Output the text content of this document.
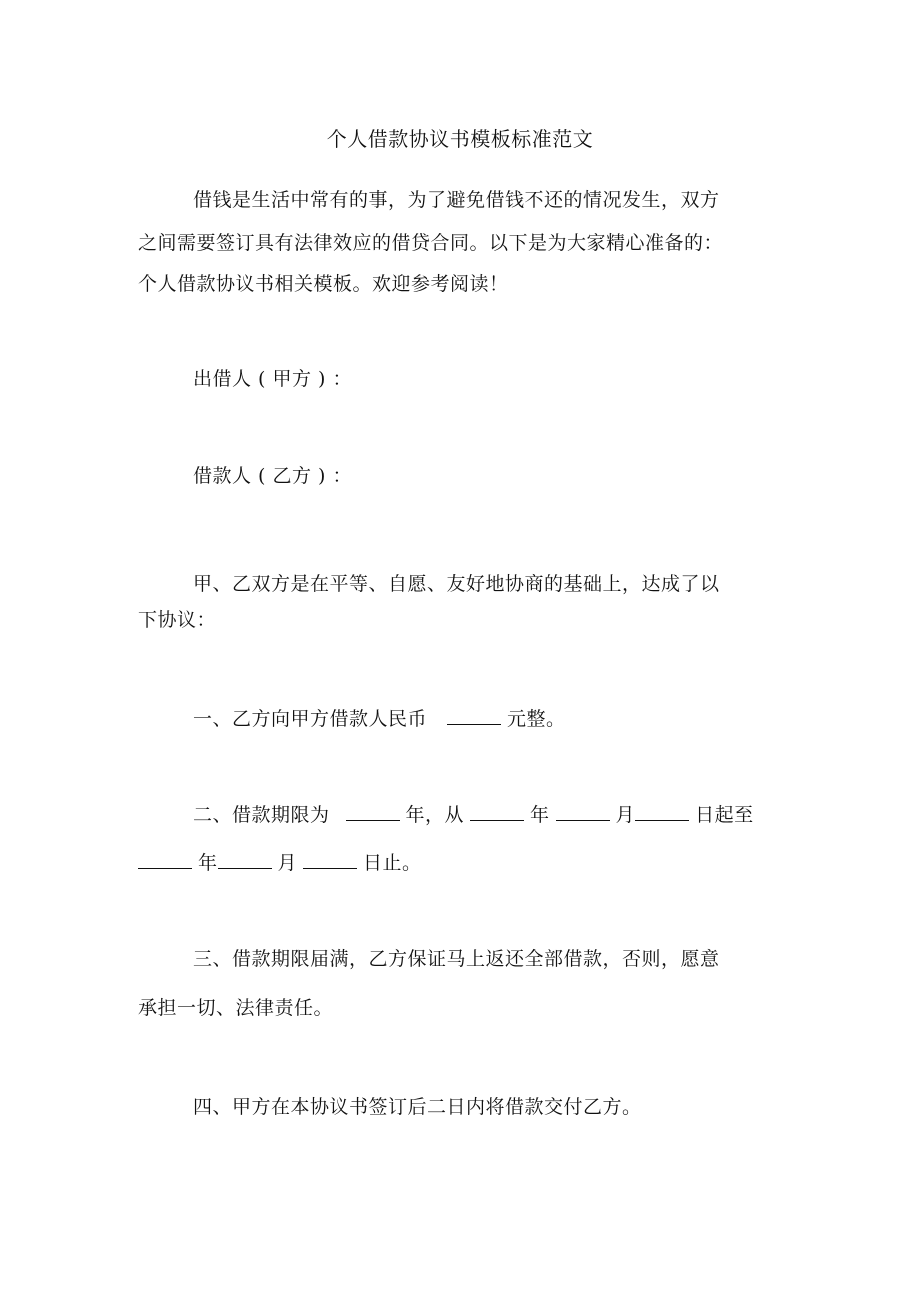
个人借款协议书模板标准范文
借钱是生活中常有的事，为了避免借钱不还的情况发生，双方
之间需要签订具有法律效应的借贷合同。以下是为大家精心准备的：
个人借款协议书相关模板。欢迎参考阅读！
出借人 ( 甲方 ) ：
借款人 ( 乙方 ) ：
甲、乙双方是在平等、自愿、友好地协商的基础上，达成了以
下协议：
一、乙方向甲方借款人民币	元整。
二、借款期限为	年，从	年	月	日起至
年	月	日止。
三、借款期限届满，乙方保证马上返还全部借款，否则，愿意
承担一切、法律责任。
四、甲方在本协议书签订后二日内将借款交付乙方。
